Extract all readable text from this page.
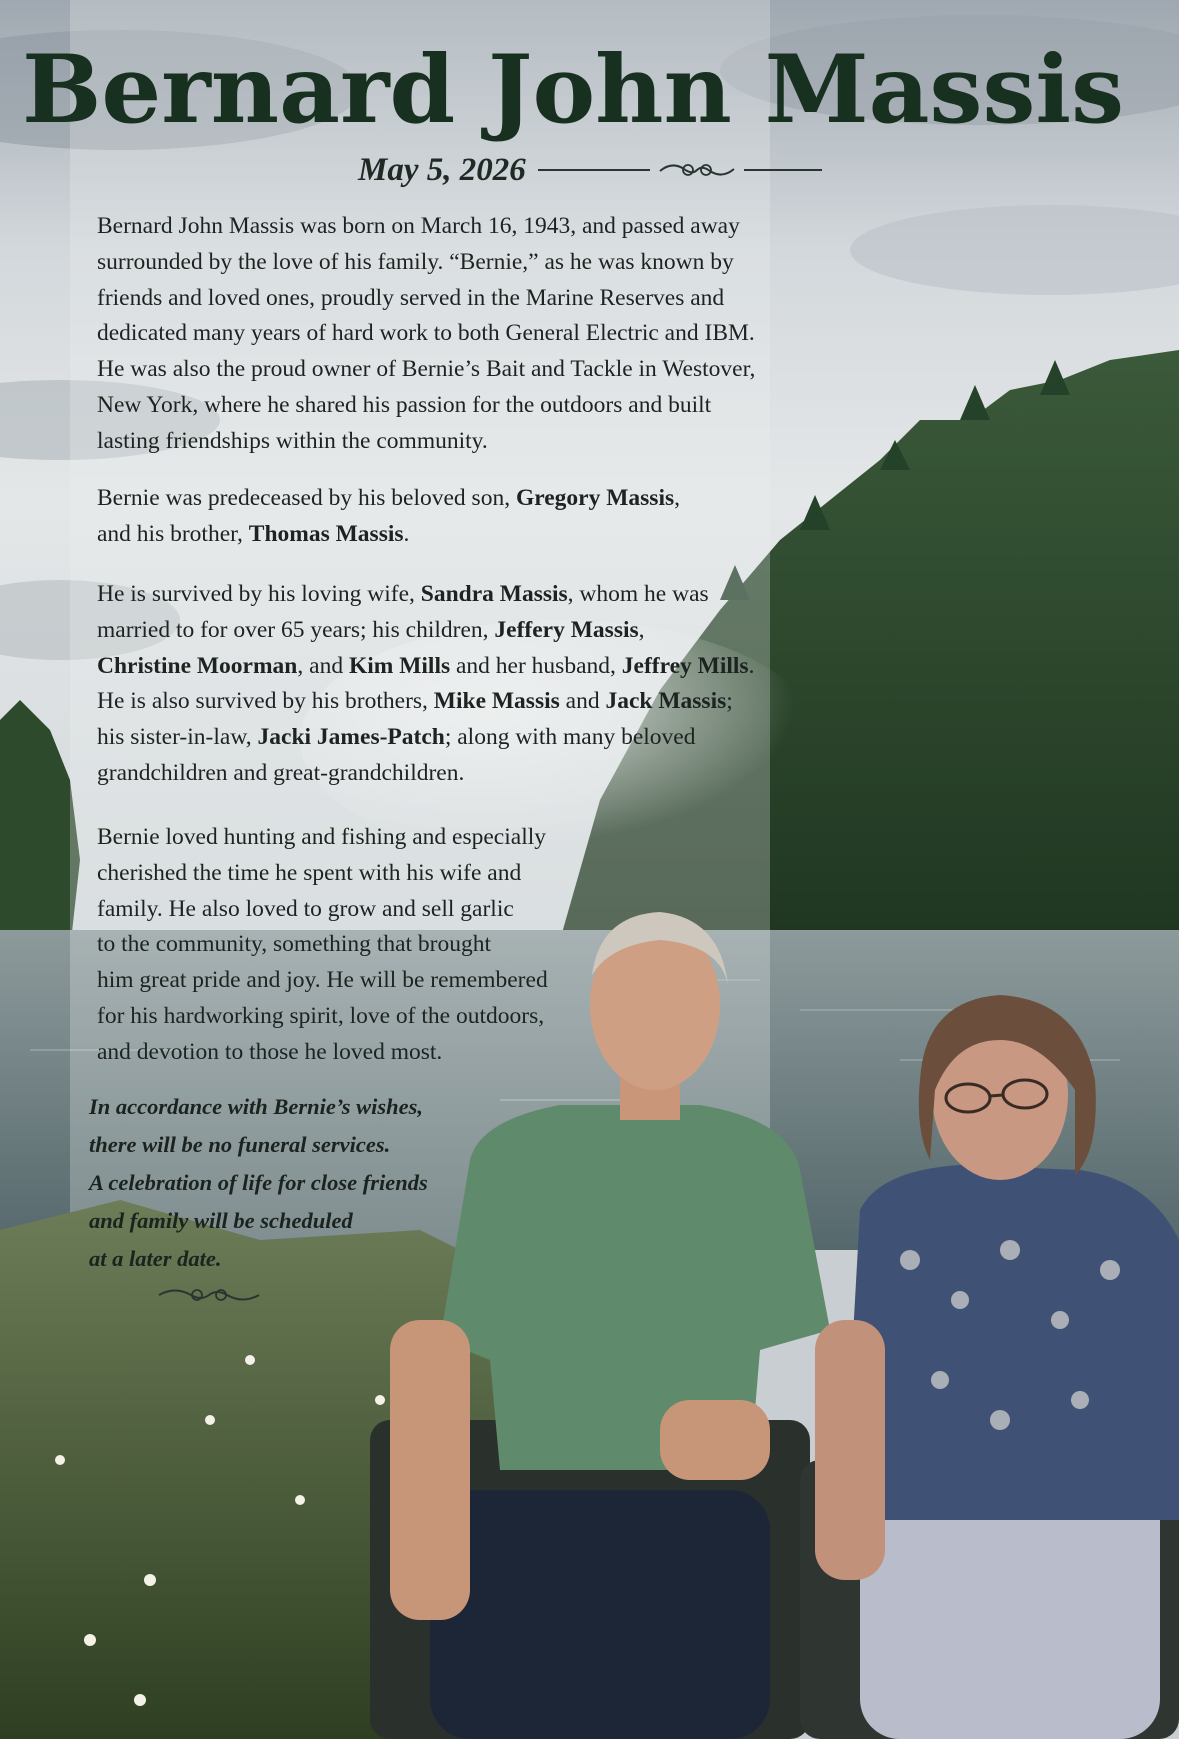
Bernard John Massis
May 5, 2026

Bernard John Massis was born on March 16, 1943, and passed away
surrounded by the love of his family. “Bernie,” as he was known by
friends and loved ones, proudly served in the Marine Reserves and
dedicated many years of hard work to both General Electric and IBM.
He was also the proud owner of Bernie’s Bait and Tackle in Westover,
New York, where he shared his passion for the outdoors and built
lasting friendships within the community.

Bernie was predeceased by his beloved son, Gregory Massis,
and his brother, Thomas Massis.

He is survived by his loving wife, Sandra Massis, whom he was
married to for over 65 years; his children, Jeffery Massis,
Christine Moorman, and Kim Mills and her husband, Jeffrey Mills.
He is also survived by his brothers, Mike Massis and Jack Massis;
his sister-in-law, Jacki James-Patch; along with many beloved
grandchildren and great-grandchildren.

Bernie loved hunting and fishing and especially
cherished the time he spent with his wife and
family. He also loved to grow and sell garlic
to the community, something that brought
him great pride and joy. He will be remembered
for his hardworking spirit, love of the outdoors,
and devotion to those he loved most.

In accordance with Bernie’s wishes,
there will be no funeral services.
A celebration of life for close friends
and family will be scheduled
at a later date.
